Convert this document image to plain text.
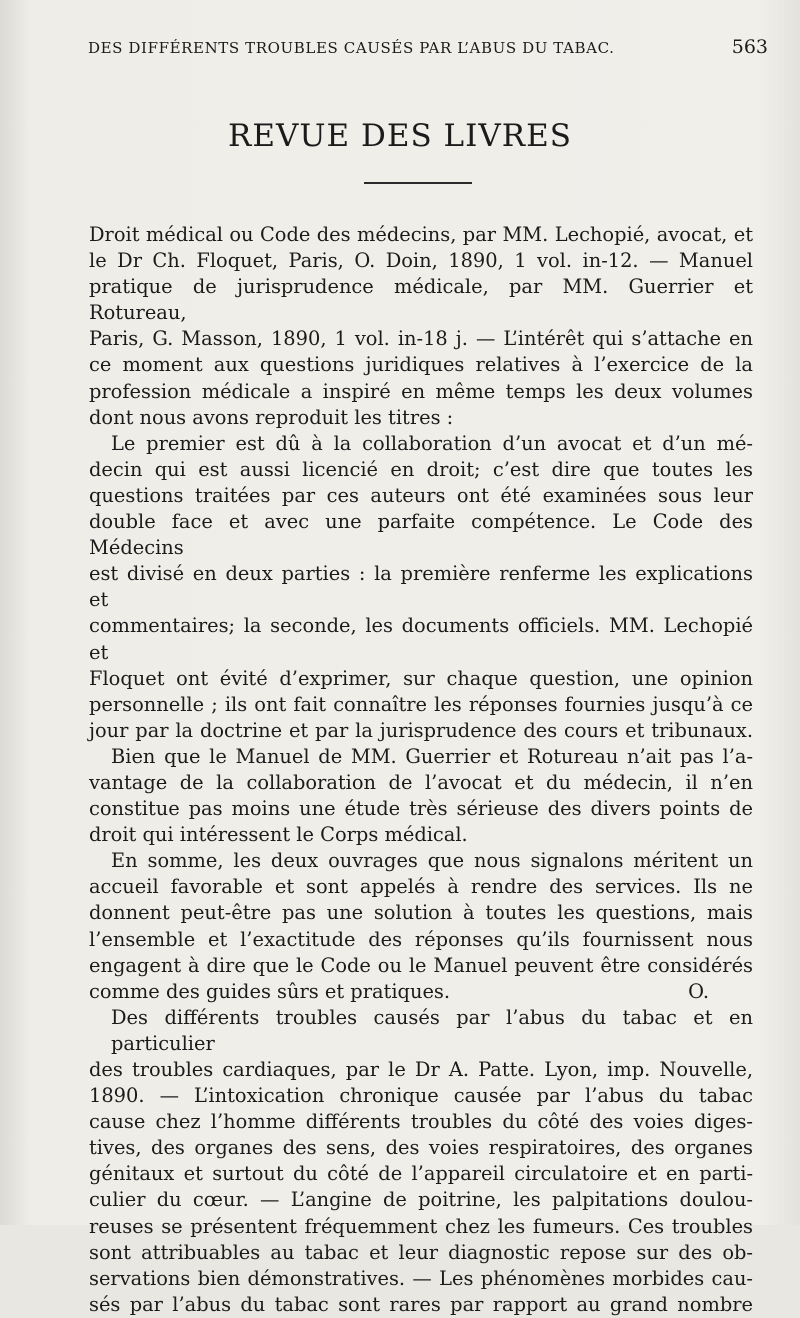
DES DIFFÉRENTS TROUBLES CAUSÉS PAR L’ABUS DU TABAC.	563
REVUE DES LIVRES
Droit médical ou Code des médecins, par MM. Lechopié, avocat, et
le Dr Ch. Floquet, Paris, O. Doin, 1890, 1 vol. in-12. — Manuel
pratique de jurisprudence médicale, par MM. Guerrier et Rotureau,
Paris, G. Masson, 1890, 1 vol. in-18 j. — L’intérêt qui s’attache en
ce moment aux questions juridiques relatives à l’exercice de la
profession médicale a inspiré en même temps les deux volumes
dont nous avons reproduit les titres :
Le premier est dû à la collaboration d’un avocat et d’un mé-
decin qui est aussi licencié en droit; c’est dire que toutes les
questions traitées par ces auteurs ont été examinées sous leur
double face et avec une parfaite compétence. Le Code des Médecins
est divisé en deux parties : la première renferme les explications et
commentaires; la seconde, les documents officiels. MM. Lechopié et
Floquet ont évité d’exprimer, sur chaque question, une opinion
personnelle ; ils ont fait connaître les réponses fournies jusqu’à ce
jour par la doctrine et par la jurisprudence des cours et tribunaux.
Bien que le Manuel de MM. Guerrier et Rotureau n’ait pas l’a-
vantage de la collaboration de l’avocat et du médecin, il n’en
constitue pas moins une étude très sérieuse des divers points de
droit qui intéressent le Corps médical.
En somme, les deux ouvrages que nous signalons méritent un
accueil favorable et sont appelés à rendre des services. Ils ne
donnent peut-être pas une solution à toutes les questions, mais
l’ensemble et l’exactitude des réponses qu’ils fournissent nous
engagent à dire que le Code ou le Manuel peuvent être considérés
comme des guides sûrs et pratiques.	O.
Des différents troubles causés par l’abus du tabac et en particulier
des troubles cardiaques, par le Dr A. Patte. Lyon, imp. Nouvelle,
1890. — L’intoxication chronique causée par l’abus du tabac
cause chez l’homme différents troubles du côté des voies diges-
tives, des organes des sens, des voies respiratoires, des organes
génitaux et surtout du côté de l’appareil circulatoire et en parti-
culier du cœur. — L’angine de poitrine, les palpitations doulou-
reuses se présentent fréquemment chez les fumeurs. Ces troubles
sont attribuables au tabac et leur diagnostic repose sur des ob-
servations bien démonstratives. — Les phénomènes morbides cau-
sés par l’abus du tabac sont rares par rapport au grand nombre
